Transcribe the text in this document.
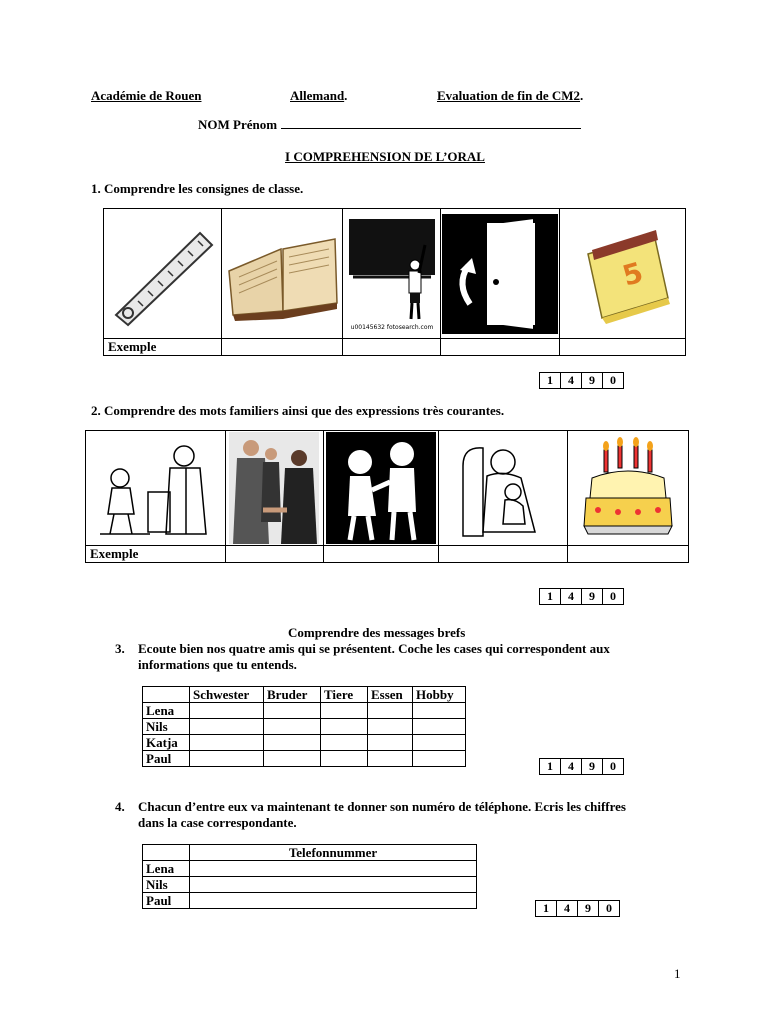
Académie de Rouen	Allemand.	Evaluation de fin de CM2.
NOM Prénom
I COMPREHENSION DE L’ORAL
1. Comprendre les consignes de classe.

u00145632 fotosearch.com		5

Exemple				
1	4	9	0
2. Comprendre des mots familiers ainsi que des expressions très courantes.

Exemple				
1	4	9	0
Comprendre des messages brefs
3. Ecoute bien nos quatre amis qui se présentent. Coche les cases qui correspondent aux
informations que tu entends.
	Schwester	Bruder	Tiere	Essen	Hobby
Lena					
Nils					
Katja					
Paul						1	4	9	0
4. Chacun d’entre eux va maintenant te donner son numéro de téléphone. Ecris les chiffres
dans la case correspondante.
	Telefonnummer
Lena	
Nils	
Paul		1	4	9	0
1
